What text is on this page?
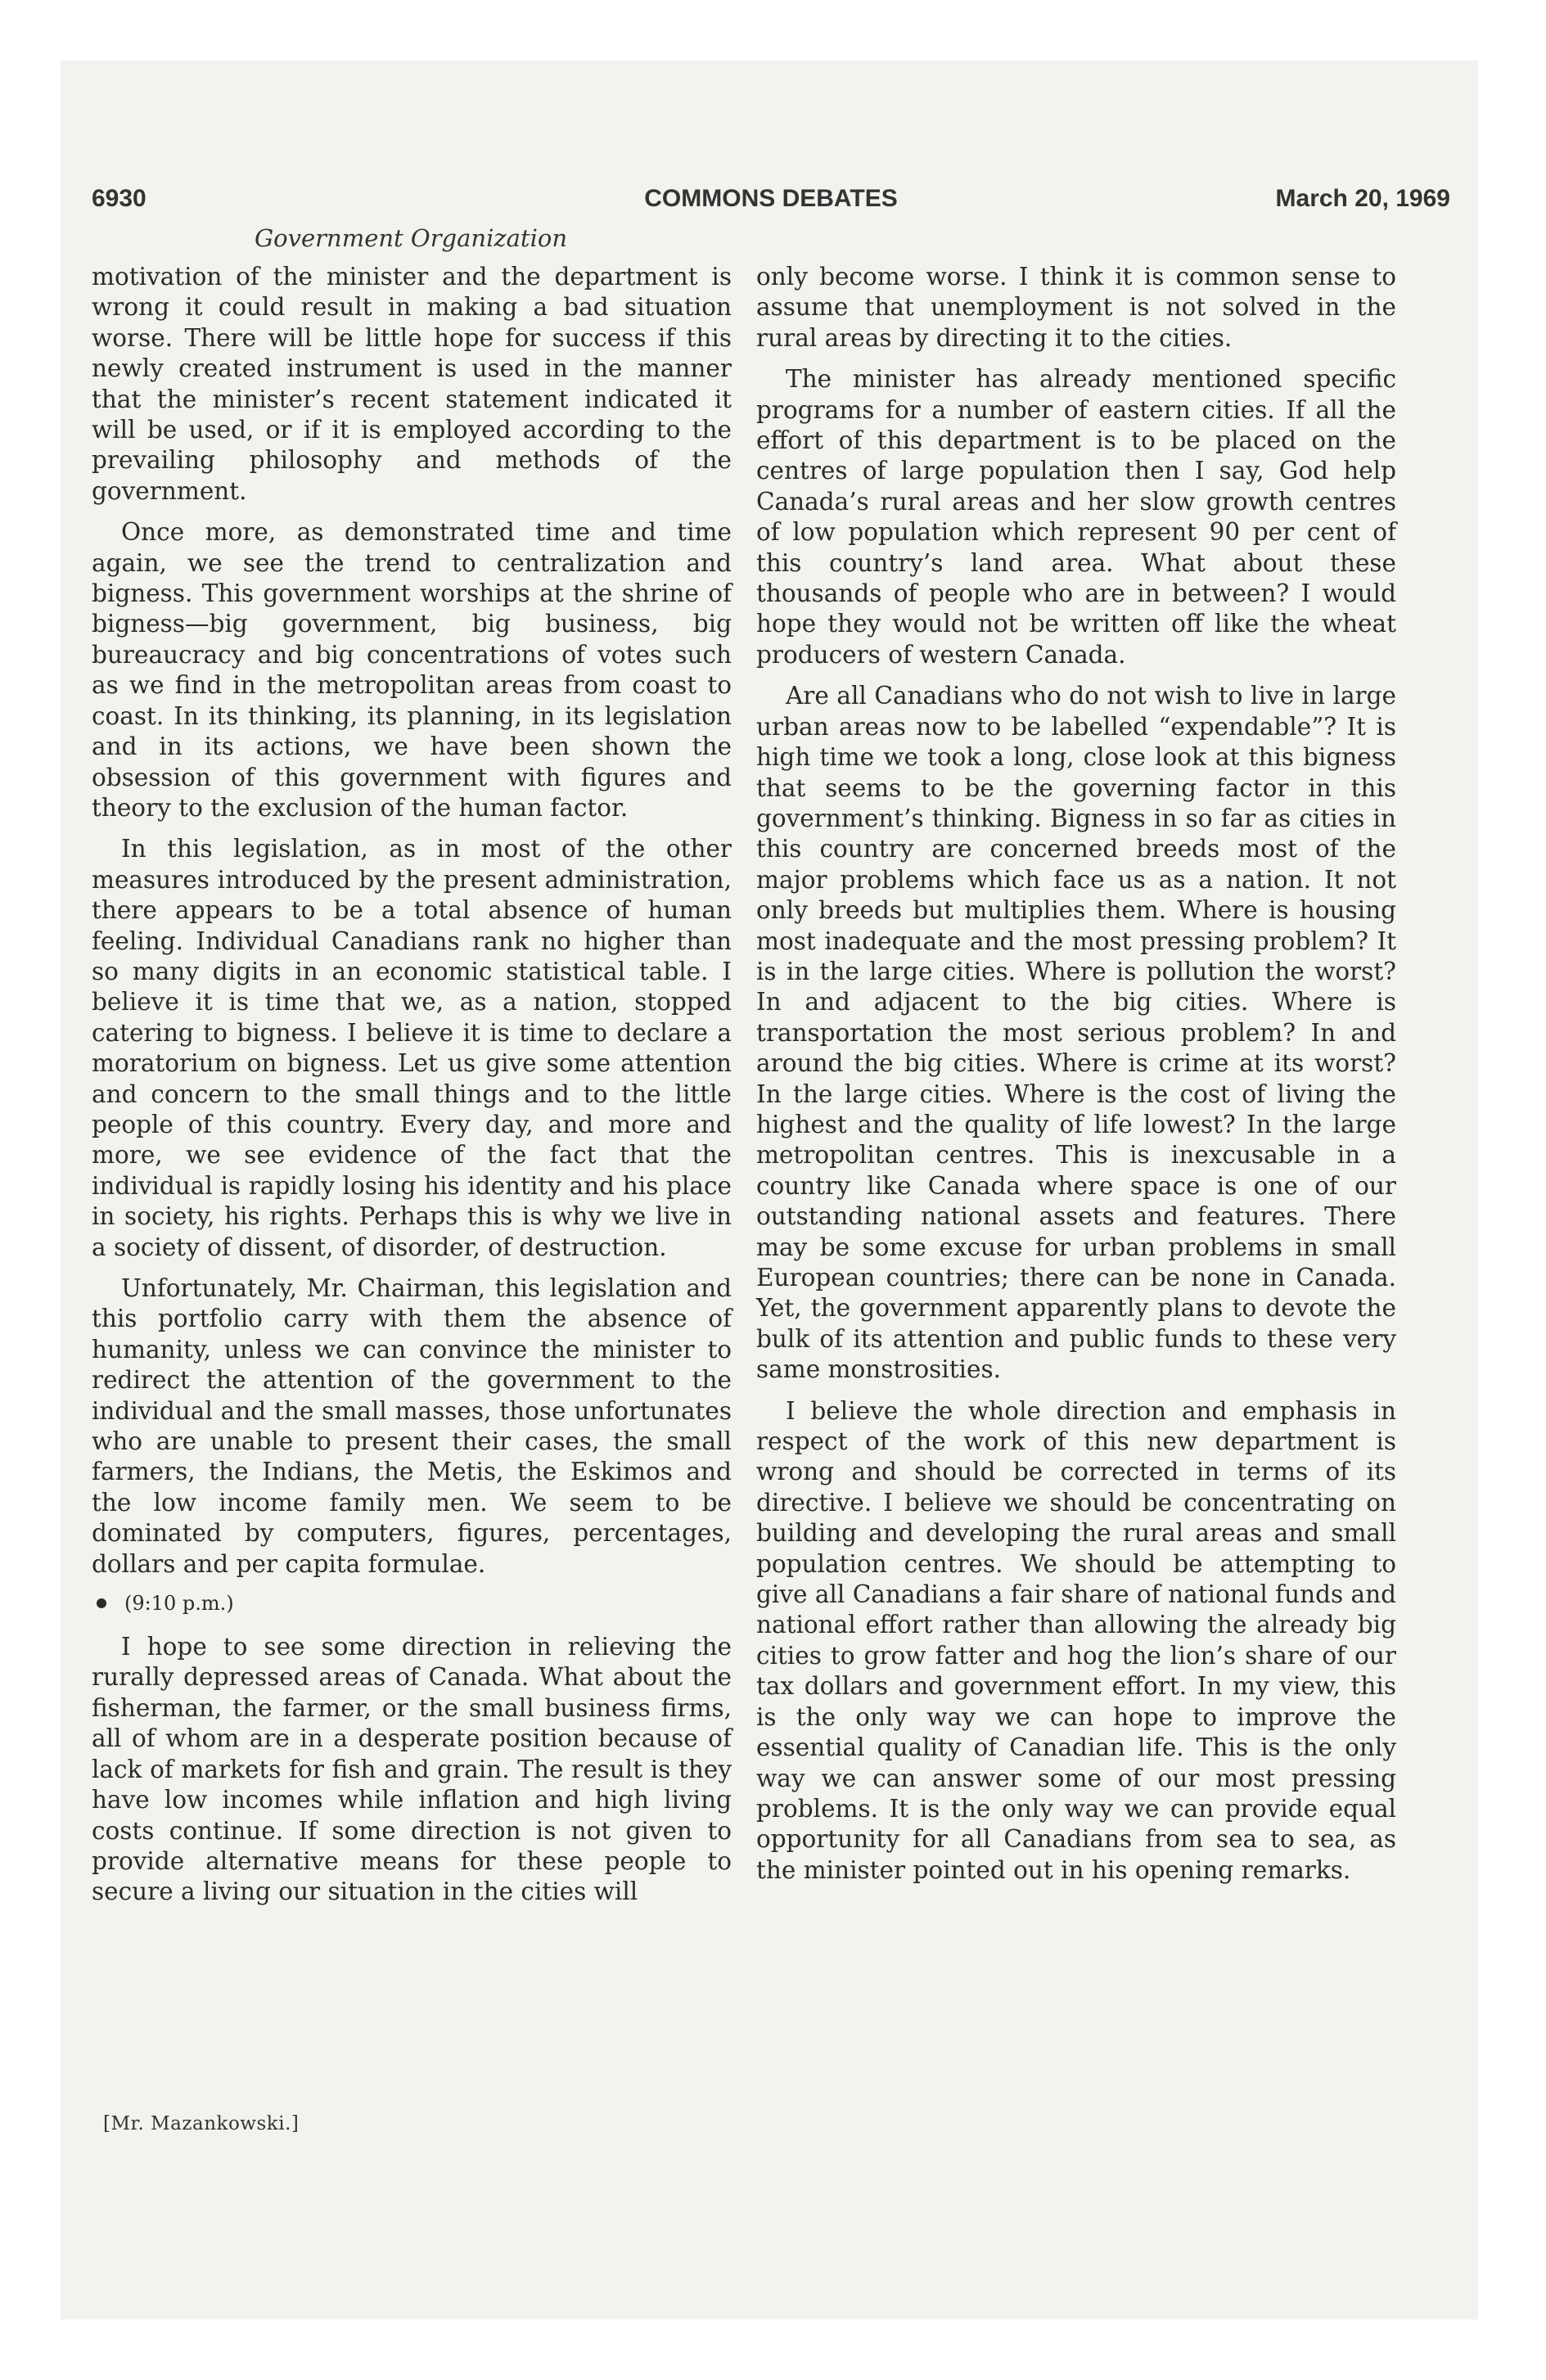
6930	COMMONS DEBATES	March 20, 1969
Government Organization

motivation of the minister and the department is wrong it could result in making a bad situation worse. There will be little hope for success if this newly created instrument is used in the manner that the minister’s recent statement indicated it will be used, or if it is employed according to the prevailing philosophy and methods of the government.

Once more, as demonstrated time and time again, we see the trend to centralization and bigness. This government worships at the shrine of bigness—big government, big business, big bureaucracy and big concentrations of votes such as we find in the metropolitan areas from coast to coast. In its thinking, its planning, in its legislation and in its actions, we have been shown the obsession of this government with figures and theory to the exclusion of the human factor.

In this legislation, as in most of the other measures introduced by the present administration, there appears to be a total absence of human feeling. Individual Canadians rank no higher than so many digits in an economic statistical table. I believe it is time that we, as a nation, stopped catering to bigness. I believe it is time to declare a moratorium on bigness. Let us give some attention and concern to the small things and to the little people of this country. Every day, and more and more, we see evidence of the fact that the individual is rapidly losing his identity and his place in society, his rights. Perhaps this is why we live in a society of dissent, of disorder, of destruction.

Unfortunately, Mr. Chairman, this legislation and this portfolio carry with them the absence of humanity, unless we can convince the minister to redirect the attention of the government to the individual and the small masses, those unfortunates who are unable to present their cases, the small farmers, the Indians, the Metis, the Eskimos and the low income family men. We seem to be dominated by computers, figures, percentages, dollars and per capita formulae.

(9:10 p.m.)

I hope to see some direction in relieving the rurally depressed areas of Canada. What about the fisherman, the farmer, or the small business firms, all of whom are in a desperate position because of lack of markets for fish and grain. The result is they have low incomes while inflation and high living costs continue. If some direction is not given to provide alternative means for these people to secure a living our situation in the cities will

only become worse. I think it is common sense to assume that unemployment is not solved in the rural areas by directing it to the cities.

The minister has already mentioned specific programs for a number of eastern cities. If all the effort of this department is to be placed on the centres of large population then I say, God help Canada’s rural areas and her slow growth centres of low population which represent 90 per cent of this country’s land area. What about these thousands of people who are in between? I would hope they would not be written off like the wheat producers of western Canada.

Are all Canadians who do not wish to live in large urban areas now to be labelled “expendable”? It is high time we took a long, close look at this bigness that seems to be the governing factor in this government’s thinking. Bigness in so far as cities in this country are concerned breeds most of the major problems which face us as a nation. It not only breeds but multiplies them. Where is housing most inadequate and the most pressing problem? It is in the large cities. Where is pollution the worst? In and adjacent to the big cities. Where is transportation the most serious problem? In and around the big cities. Where is crime at its worst? In the large cities. Where is the cost of living the highest and the quality of life lowest? In the large metropolitan centres. This is inexcusable in a country like Canada where space is one of our outstanding national assets and features. There may be some excuse for urban problems in small European countries; there can be none in Canada. Yet, the government apparently plans to devote the bulk of its attention and public funds to these very same monstrosities.

I believe the whole direction and emphasis in respect of the work of this new department is wrong and should be corrected in terms of its directive. I believe we should be concentrating on building and developing the rural areas and small population centres. We should be attempting to give all Canadians a fair share of national funds and national effort rather than allowing the already big cities to grow fatter and hog the lion’s share of our tax dollars and government effort. In my view, this is the only way we can hope to improve the essential quality of Canadian life. This is the only way we can answer some of our most pressing problems. It is the only way we can provide equal opportunity for all Canadians from sea to sea, as the minister pointed out in his opening remarks.

[Mr. Mazankowski.]
